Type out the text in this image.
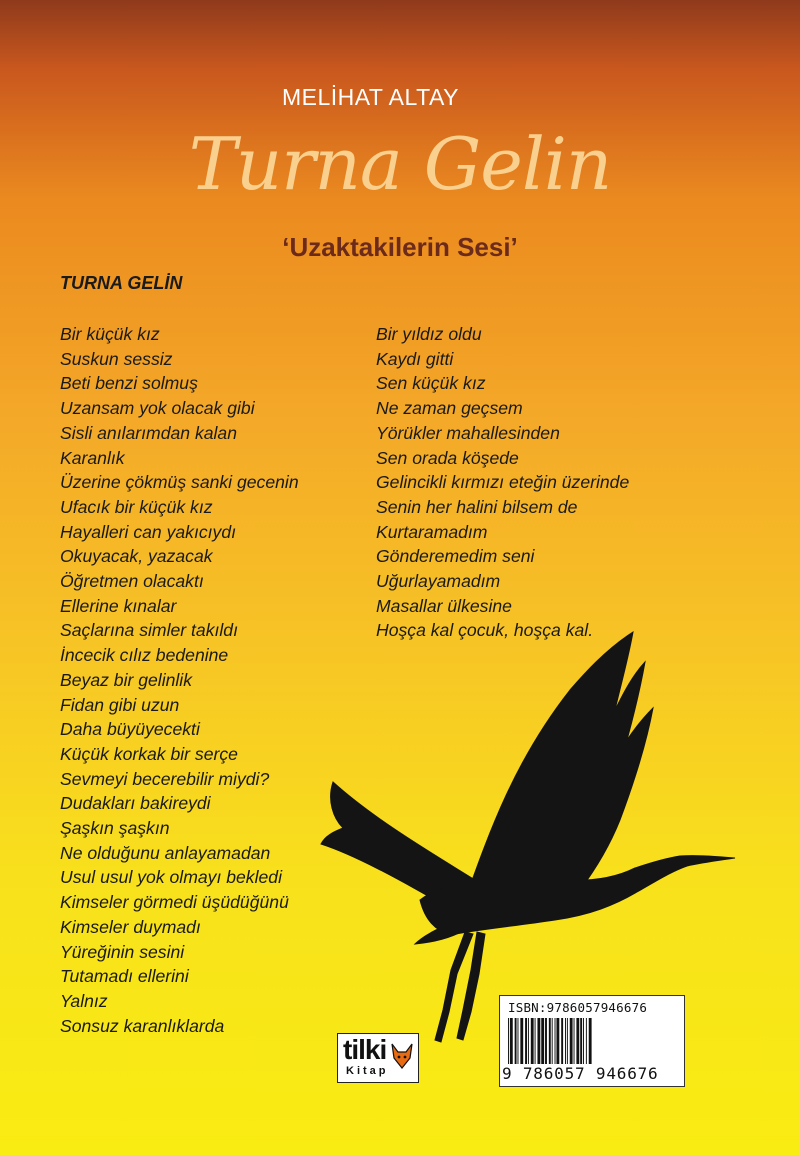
MELİHAT ALTAY
Turna Gelin
‘Uzaktakilerin Sesi’
TURNA GELİN
Bir küçük kız
Suskun sessiz
Beti benzi solmuş
Uzansam yok olacak gibi
Sisli anılarımdan kalan
Karanlık
Üzerine çökmüş sanki gecenin
Ufacık bir küçük kız
Hayalleri can yakıcıydı
Okuyacak, yazacak
Öğretmen olacaktı
Ellerine kınalar
Saçlarına simler takıldı
İncecik cılız bedenine
Beyaz bir gelinlik
Fidan gibi uzun
Daha büyüyecekti
Küçük korkak bir serçe
Sevmeyi becerebilir miydi?
Dudakları bakireydi
Şaşkın şaşkın
Ne olduğunu anlayamadan
Usul usul yok olmayı bekledi
Kimseler görmedi üşüdüğünü
Kimseler duymadı
Yüreğinin sesini
Tutamadı ellerini
Yalnız
Sonsuz karanlıklarda
Bir yıldız oldu
Kaydı gitti
Sen küçük kız
Ne zaman geçsem
Yörükler mahallesinden
Sen orada köşede
Gelincikli kırmızı eteğin üzerinde
Senin her halini bilsem de
Kurtaramadım
Gönderemedim seni
Uğurlayamadım
Masallar ülkesine
Hoşça kal çocuk, hoşça kal.
tilki
Kitap
ISBN:9786057946676
9 786057 946676
